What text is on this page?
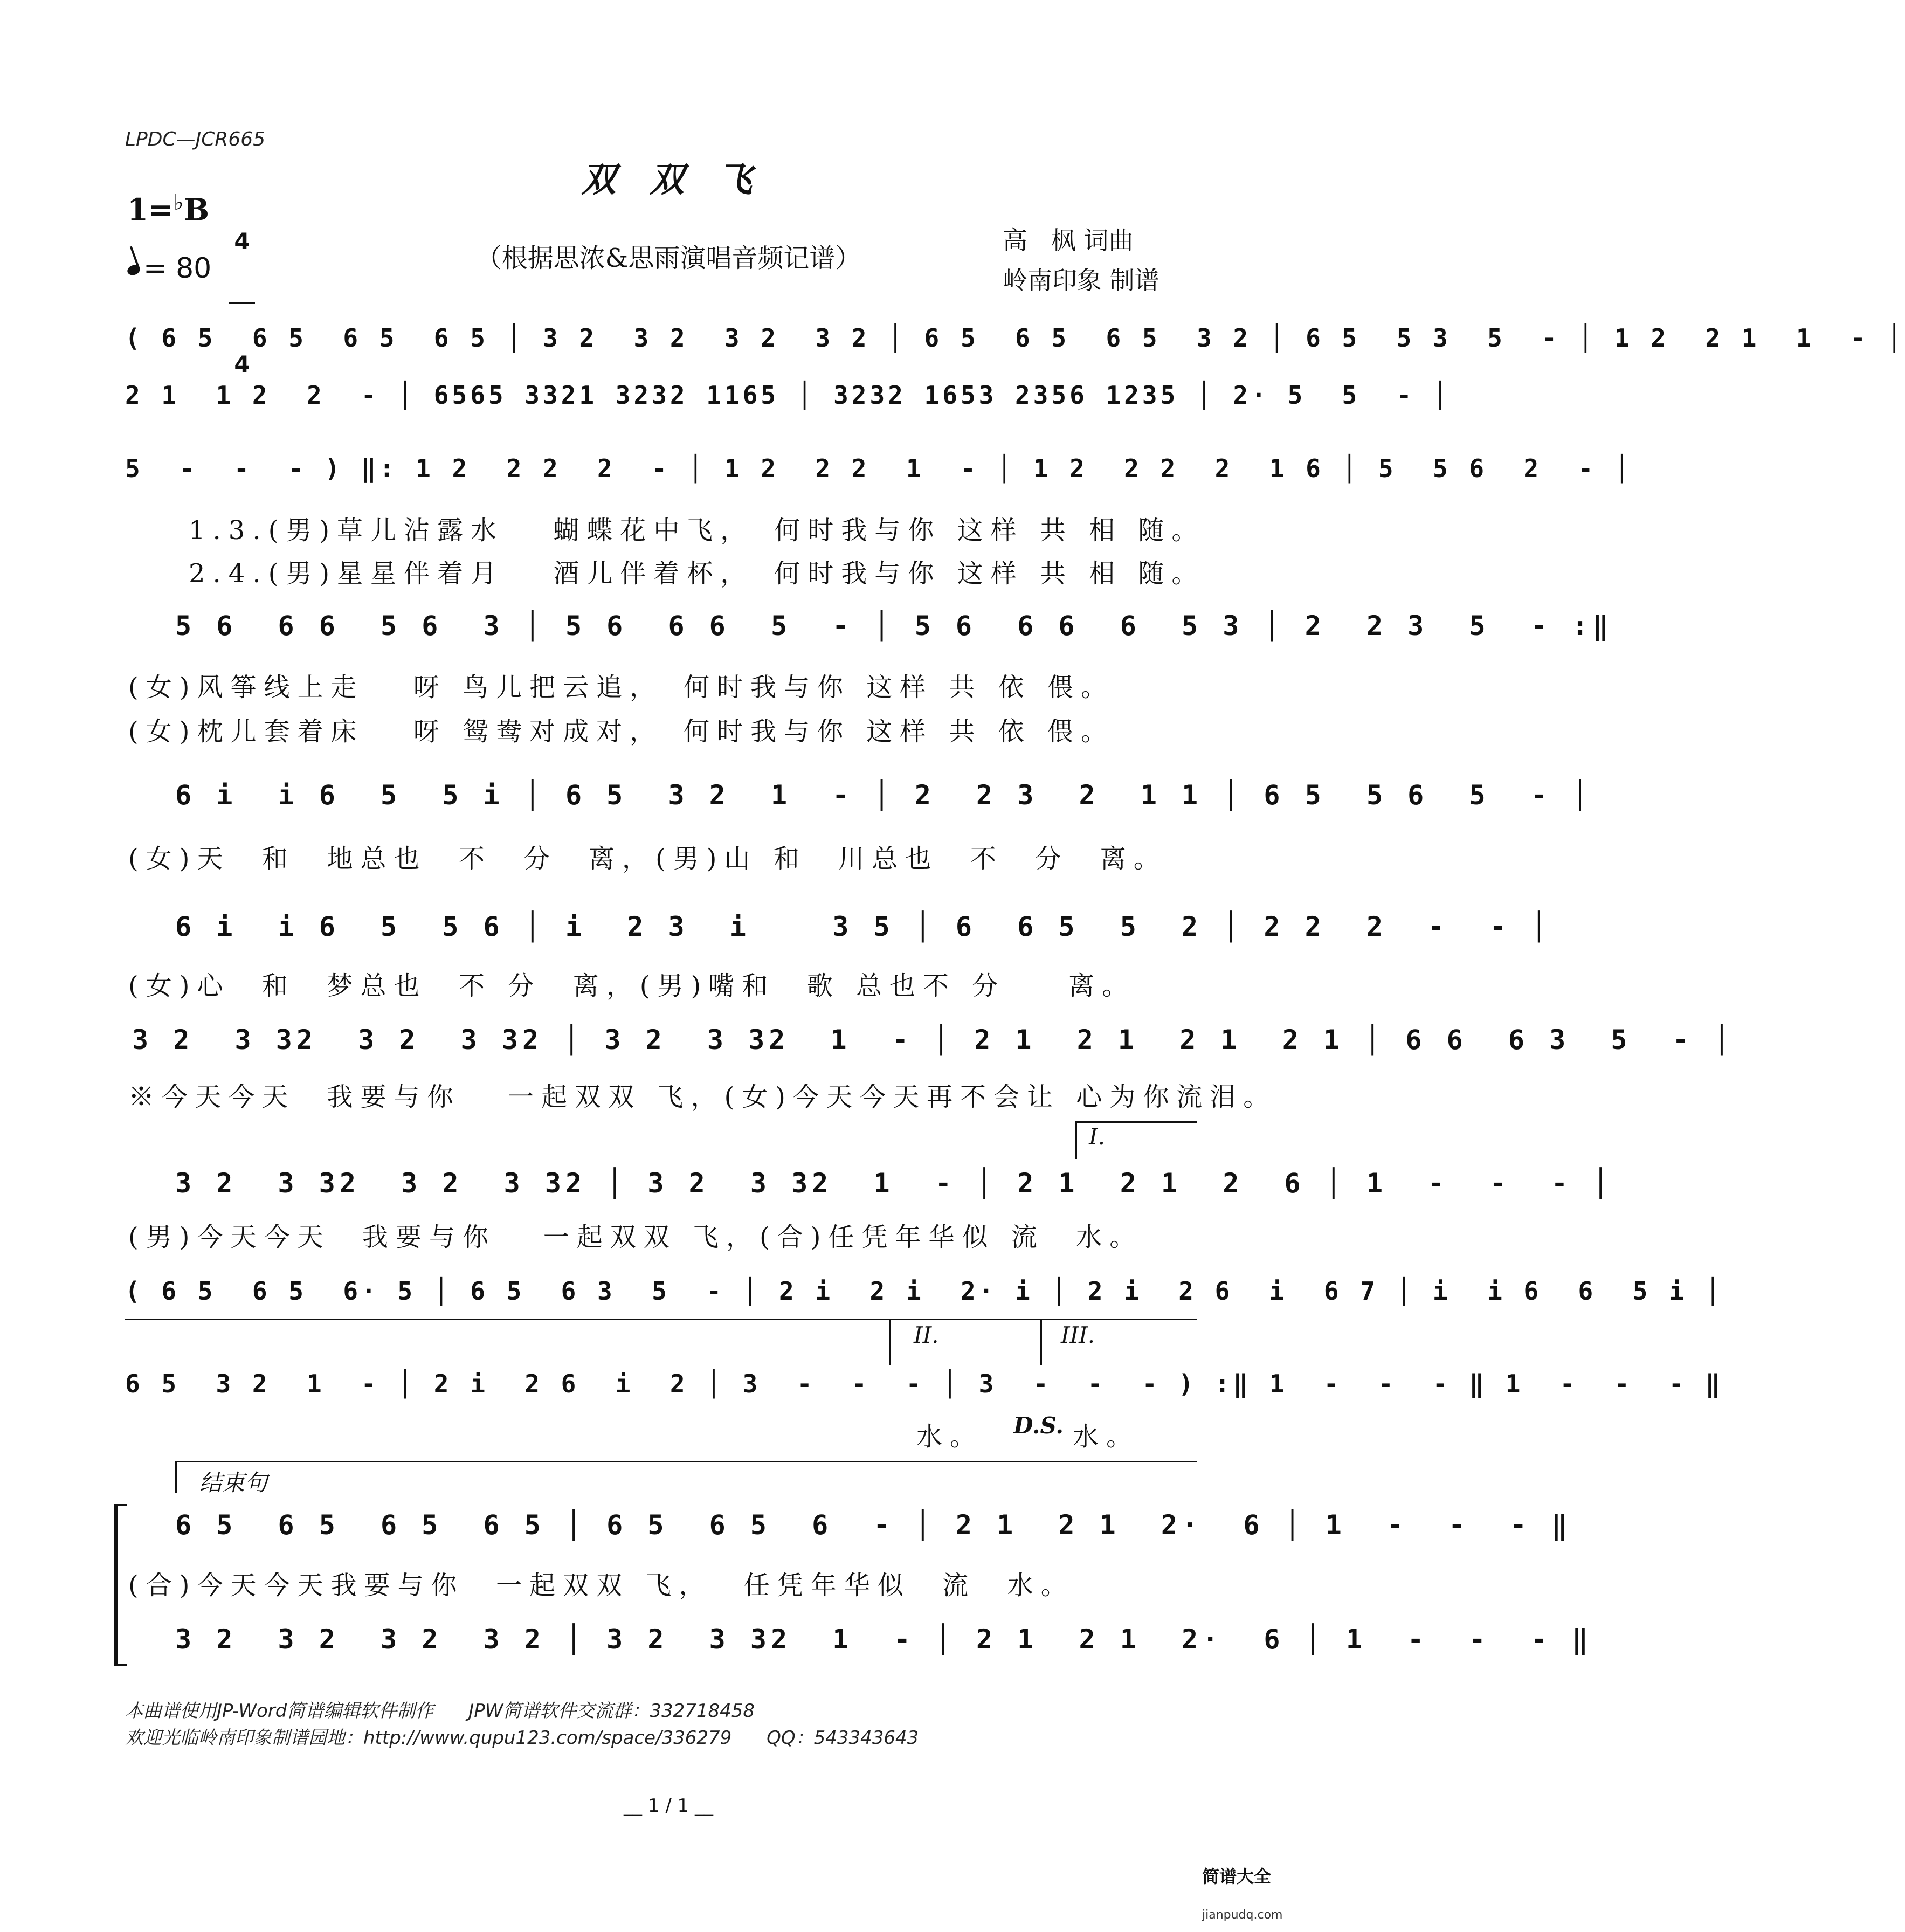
LPDC—JCR665
双  双  飞
1=♭B

4

4

= 80	（根据思浓&思雨演唱音频记谱）
高   枫 词曲
岭南印象 制谱
( 6 5  6 5  6 5  6 5 │ 3 2  3 2  3 2  3 2 │ 6 5  6 5  6 5  3 2 │ 6 5  5 3  5  - │ 1 2  2 1  1  - │
2 1  1 2  2  - │ 6565 3321 3232 1165 │ 3232 1653 2356 1235 │ 2· 5  5  - │
5  -  -  - ) ‖: 1 2  2 2  2  - │ 1 2  2 2  1  - │ 1 2  2 2  2  1 6 │ 5  5 6  2  - │
1.3.(男)草儿沾露水　 蝴蝶花中飞，　何时我与你 这样 共 相 随。
2.4.(男)星星伴着月　 酒儿伴着杯，　何时我与你 这样 共 相 随。
5 6  6 6  5 6  3 │ 5 6  6 6  5  - │ 5 6  6 6  6  5 3 │ 2  2 3  5  - :‖
(女)风筝线上走　 呀 鸟儿把云追，　何时我与你 这样 共 依 偎。
(女)枕儿套着床　 呀 鸳鸯对成对，　何时我与你 这样 共 依 偎。
6 i  i 6  5  5 i │ 6 5  3 2  1  - │ 2  2 3  2  1 1 │ 6 5  5 6  5  - │
(女)天  和  地总也  不  分  离，(男)山 和  川总也  不  分  离。
6 i  i 6  5  5 6 │ i  2 3  i    3 5 │ 6  6 5  5  2 │ 2 2  2  -  - │
(女)心  和  梦总也  不 分  离，(男)嘴和  歌 总也不 分    离。
3 2  3 32  3 2  3 32 │ 3 2  3 32  1  - │ 2 1  2 1  2 1  2 1 │ 6 6  6 3  5  - │
※今天今天  我要与你   一起双双 飞，(女)今天今天再不会让 心为你流泪。
I.
3 2  3 32  3 2  3 32 │ 3 2  3 32  1  - │ 2 1  2 1  2  6 │ 1  -  -  - │
(男)今天今天  我要与你   一起双双 飞，(合)任凭年华似 流  水。
( 6 5  6 5  6· 5 │ 6 5  6 3  5  - │ 2 i  2 i  2· i │ 2 i  2 6  i  6 7 │ i  i 6  6  5 i │
II.	III.
6 5  3 2  1  - │ 2 i  2 6  i  2 │ 3  -  -  - │ 3  -  -  - ) :‖ 1  -  -  - ‖ 1  -  -  - ‖
水。 D.S. 水。
结束句
6 5  6 5  6 5  6 5 │ 6 5  6 5  6  - │ 2 1  2 1  2·  6 │ 1  -  -  - ‖
(合)今天今天我要与你  一起双双 飞，  任凭年华似  流  水。
3 2  3 2  3 2  3 2 │ 3 2  3 32  1  - │ 2 1  2 1  2·  6 │ 1  -  -  - ‖
本曲谱使用JP-Word简谱编辑软件制作      JPW简谱软件交流群：332718458
欢迎光临岭南印象制谱园地：http://www.qupu123.com/space/336279      QQ：543343643
__ 1 / 1 __

简谱大全

jianpudq.com
